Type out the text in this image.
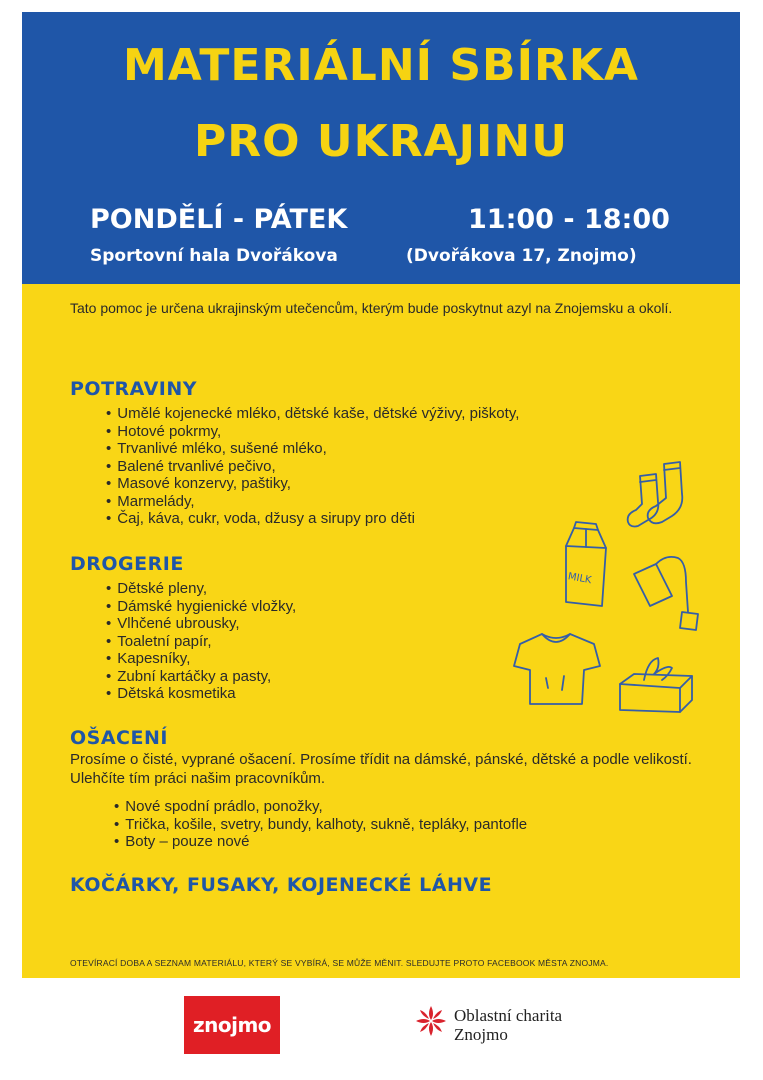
MATERIÁLNÍ SBÍRKA
PRO UKRAJINU
PONDĚLÍ - PÁTEK	11:00 - 18:00
Sportovní hala Dvořákova	(Dvořákova 17, Znojmo)

Tato pomoc je určena ukrajinským utečencům, kterým bude poskytnut azyl na Znojemsku a okolí.

POTRAVINY
• Umělé kojenecké mléko, dětské kaše, dětské výživy, piškoty,
• Hotové pokrmy,
• Trvanlivé mléko, sušené mléko,
• Balené trvanlivé pečivo,
• Masové konzervy, paštiky,
• Marmelády,
• Čaj, káva, cukr, voda, džusy a sirupy pro děti
DROGERIE
• Dětské pleny,
• Dámské hygienické vložky,
• Vlhčené ubrousky,
• Toaletní papír,
• Kapesníky,
• Zubní kartáčky a pasty,
• Dětská kosmetika
OŠACENÍ

Prosíme o čisté, vyprané ošacení. Prosíme třídit na dámské, pánské, dětské a podle velikostí. Ulehčíte tím práci našim pracovníkům.

• Nové spodní prádlo, ponožky,
• Trička, košile, svetry, bundy, kalhoty, sukně, tepláky, pantofle
• Boty – pouze nové
KOČÁRKY, FUSAKY, KOJENECKÉ LÁHVE

OTEVÍRACÍ DOBA A SEZNAM MATERIÁLU, KTERÝ SE VYBÍRÁ, SE MŮŽE MĚNIT. SLEDUJTE PROTO FACEBOOK MĚSTA ZNOJMA.

MILK
znojmo	Oblastní charita
Znojmo
